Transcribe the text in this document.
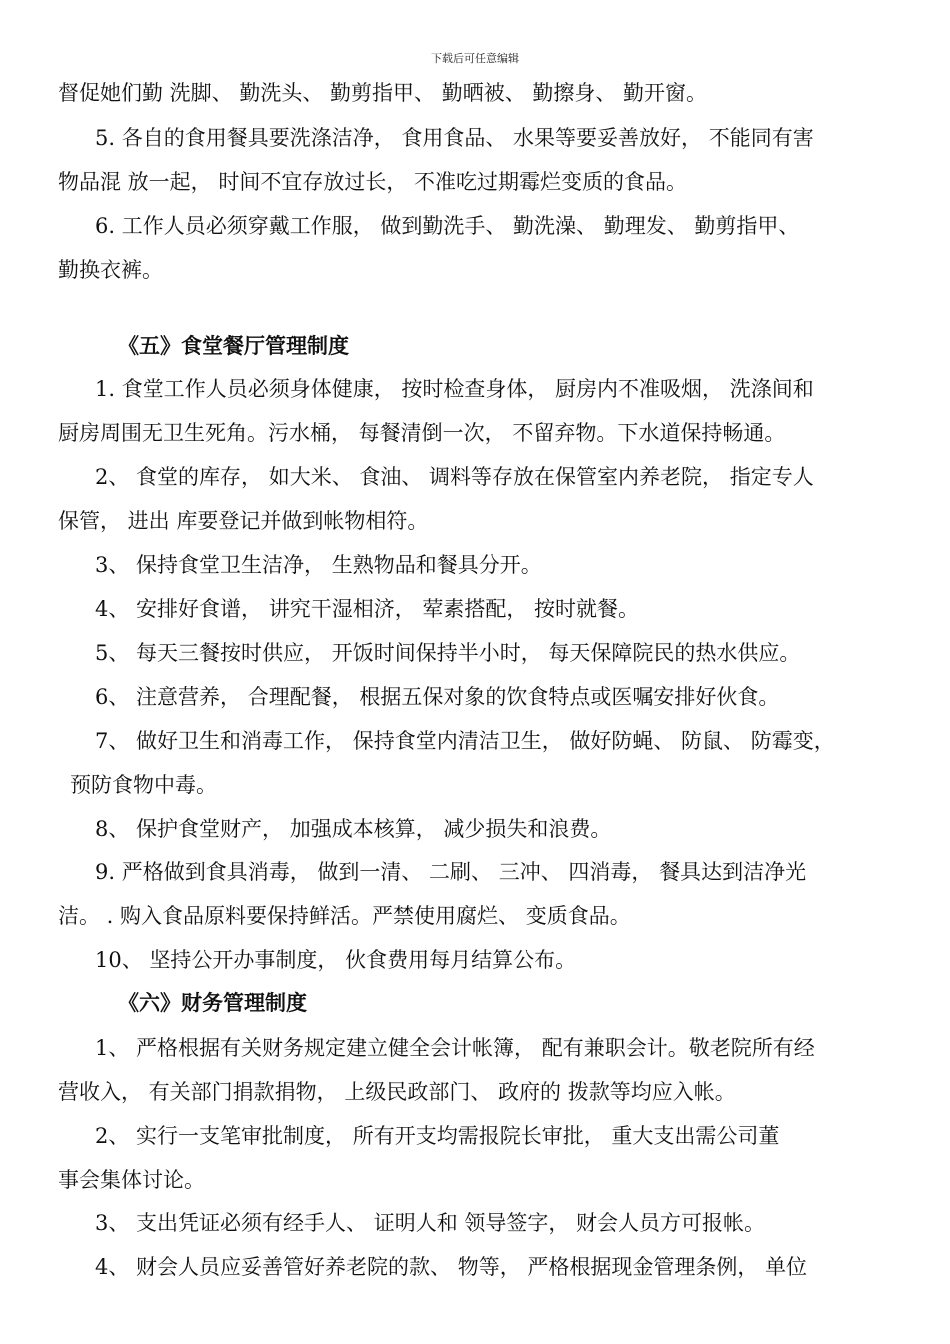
下载后可任意编辑
督促她们勤 洗脚、 勤洗头、 勤剪指甲、 勤晒被、 勤擦身、 勤开窗。
5. 各自的食用餐具要洗涤洁净， 食用食品、 水果等要妥善放好， 不能同有害
物品混 放一起， 时间不宜存放过长， 不准吃过期霉烂变质的食品。
6. 工作人员必须穿戴工作服， 做到勤洗手、 勤洗澡、 勤理发、 勤剪指甲、
勤换衣裤。
《五》食堂餐厅管理制度
1. 食堂工作人员必须身体健康， 按时检查身体， 厨房内不准吸烟， 洗涤间和
厨房周围无卫生死角。污水桶， 每餐清倒一次， 不留弃物。下水道保持畅通。
2、 食堂的库存， 如大米、 食油、 调料等存放在保管室内养老院， 指定专人
保管， 进出 库要登记并做到帐物相符。
3、 保持食堂卫生洁净， 生熟物品和餐具分开。
4、 安排好食谱， 讲究干湿相济， 荤素搭配， 按时就餐。
5、 每天三餐按时供应， 开饭时间保持半小时， 每天保障院民的热水供应。
6、 注意营养， 合理配餐， 根据五保对象的饮食特点或医嘱安排好伙食。
7、 做好卫生和消毒工作， 保持食堂内清洁卫生， 做好防蝇、 防鼠、 防霉变，
预防食物中毒。
8、 保护食堂财产， 加强成本核算， 减少损失和浪费。
9. 严格做到食具消毒， 做到一清、 二刷、 三冲、 四消毒， 餐具达到洁净光
洁。 . 购入食品原料要保持鲜活。严禁使用腐烂、 变质食品。
10、 坚持公开办事制度， 伙食费用每月结算公布。
《六》财务管理制度
1、 严格根据有关财务规定建立健全会计帐簿， 配有兼职会计。敬老院所有经
营收入， 有关部门捐款捐物， 上级民政部门、 政府的 拨款等均应入帐。
2、 实行一支笔审批制度， 所有开支均需报院长审批， 重大支出需公司董
事会集体讨论。
3、 支出凭证必须有经手人、 证明人和 领导签字， 财会人员方可报帐。
4、 财会人员应妥善管好养老院的款、 物等， 严格根据现金管理条例， 单位
